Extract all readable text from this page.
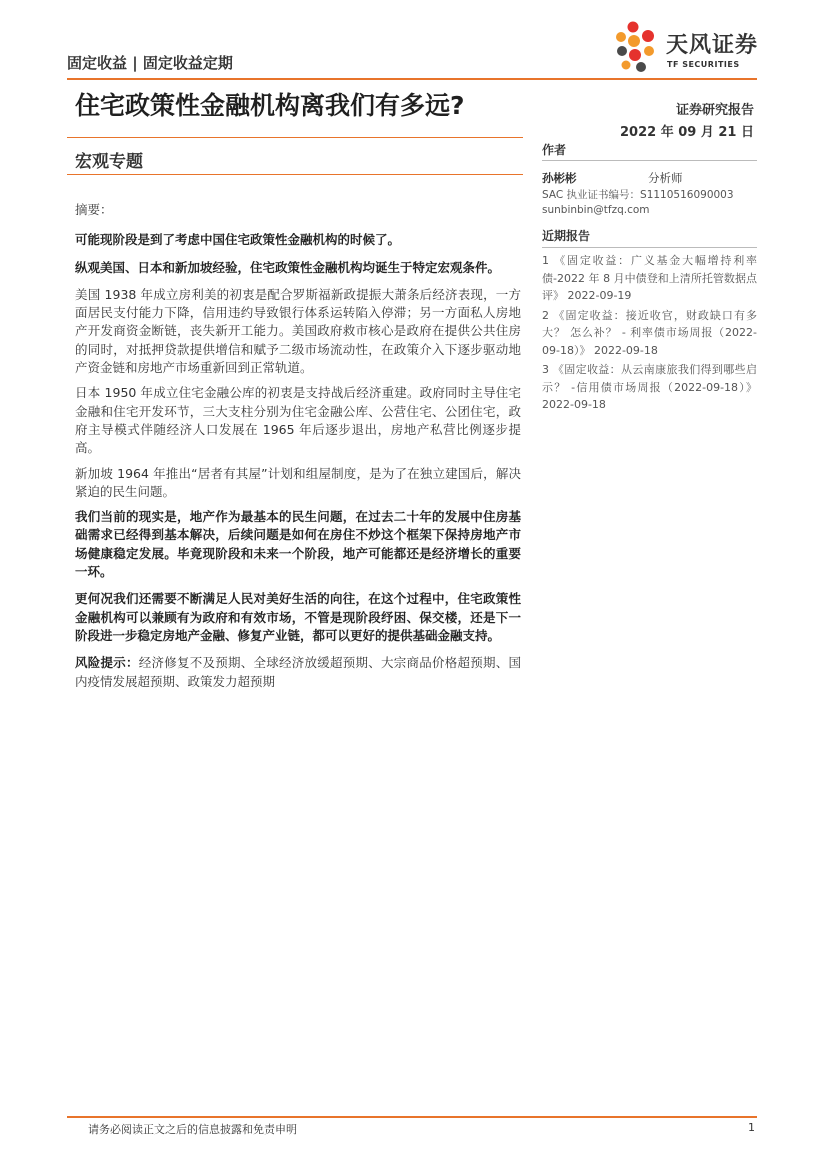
固定收益 | 固定收益定期
天风证券
TF SECURITIES
住宅政策性金融机构离我们有多远?	证券研究报告
2022 年 09 月 21 日
宏观专题

摘要：

可能现阶段是到了考虑中国住宅政策性金融机构的时候了。

纵观美国、日本和新加坡经验，住宅政策性金融机构均诞生于特定宏观条件。

美国 1938 年成立房利美的初衷是配合罗斯福新政提振大萧条后经济表现，一方面居民支付能力下降，信用违约导致银行体系运转陷入停滞；另一方面私人房地产开发商资金断链，丧失新开工能力。美国政府救市核心是政府在提供公共住房的同时，对抵押贷款提供增信和赋予二级市场流动性，在政策介入下逐步驱动地产资金链和房地产市场重新回到正常轨道。

日本 1950 年成立住宅金融公库的初衷是支持战后经济重建。政府同时主导住宅金融和住宅开发环节，三大支柱分别为住宅金融公库、公营住宅、公团住宅，政府主导模式伴随经济人口发展在 1965 年后逐步退出，房地产私营比例逐步提高。

新加坡 1964 年推出“居者有其屋”计划和组屋制度，是为了在独立建国后，解决紧迫的民生问题。

我们当前的现实是，地产作为最基本的民生问题，在过去二十年的发展中住房基础需求已经得到基本解决，后续问题是如何在房住不炒这个框架下保持房地产市场健康稳定发展。毕竟现阶段和未来一个阶段，地产可能都还是经济增长的重要一环。

更何况我们还需要不断满足人民对美好生活的向往，在这个过程中，住宅政策性金融机构可以兼顾有为政府和有效市场，不管是现阶段纾困、保交楼，还是下一阶段进一步稳定房地产金融、修复产业链，都可以更好的提供基础金融支持。

风险提示：经济修复不及预期、全球经济放缓超预期、大宗商品价格超预期、国内疫情发展超预期、政策发力超预期

作者
孙彬彬	分析师
SAC 执业证书编号：S1110516090003
sunbinbin@tfzq.com
近期报告

1 《固定收益：广义基金大幅增持利率债-2022 年 8 月中债登和上清所托管数据点评》 2022-09-19

2 《固定收益：接近收官，财政缺口有多大？ 怎么补？ - 利率债市场周报（2022-09-18）》 2022-09-18

3 《固定收益：从云南康旅我们得到哪些启示？ -信用债市场周报（2022-09-18）》 2022-09-18

请务必阅读正文之后的信息披露和免责申明	1
